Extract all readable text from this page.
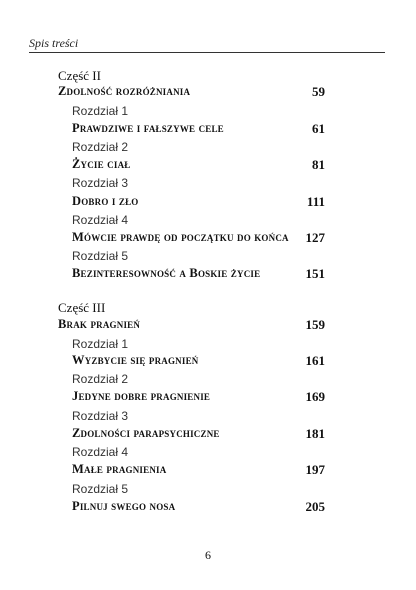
Spis treści
Część II
Zdolność rozróżniania	59
Rozdział 1
Prawdziwe i fałszywe cele	61
Rozdział 2
Życie ciał	81
Rozdział 3
Dobro i zło	111
Rozdział 4
Mówcie prawdę od początku do końca 127
Rozdział 5
Bezinteresowność a Boskie życie	151
Część III
Brak pragnień	159
Rozdział 1
Wyzbycie się pragnień	161
Rozdział 2
Jedyne dobre pragnienie	169
Rozdział 3
Zdolności parapsychiczne	181
Rozdział 4
Małe pragnienia	197
Rozdział 5
Pilnuj swego nosa	205
6
